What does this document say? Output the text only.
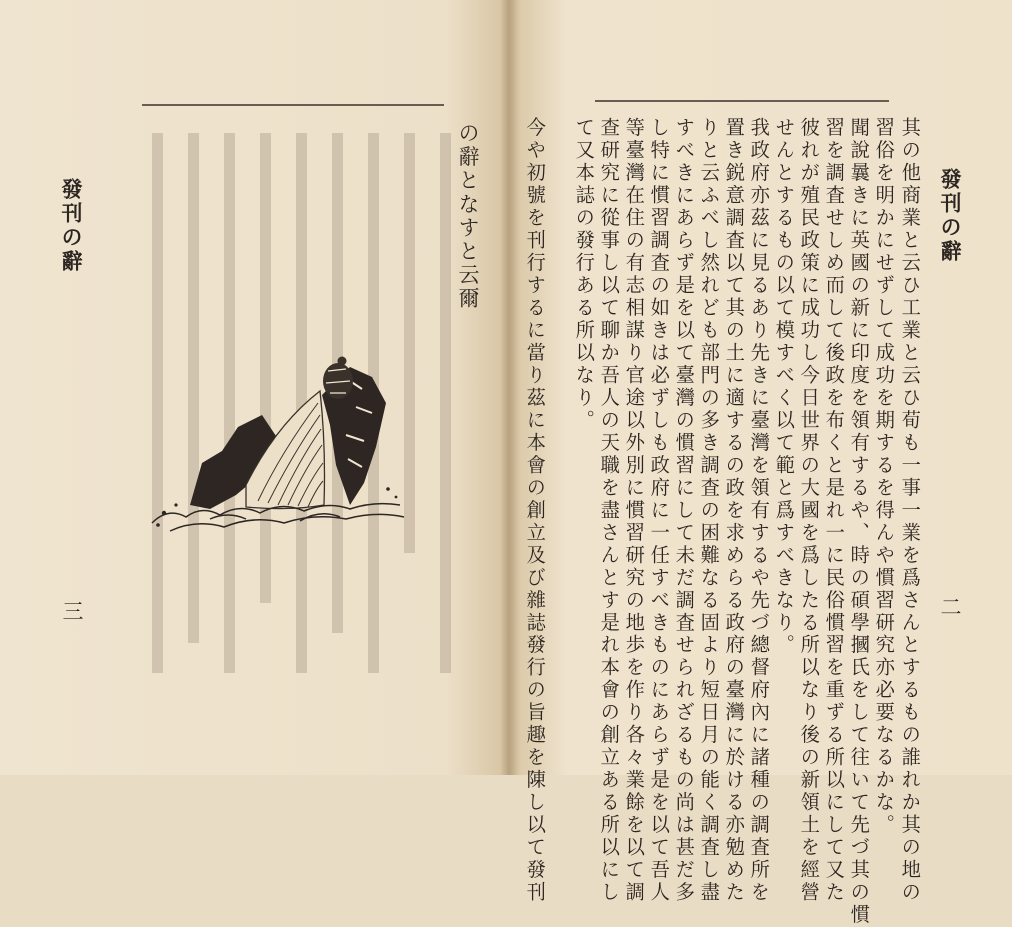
發刊の辭	の辭となすと云爾
三
發刊の辭
其の他商業と云ひ工業と云ひ荀も一事一業を爲さんとするもの誰れか其の地の
習俗を明かにせずして成功を期するを得んや慣習研究亦必要なるかな。
聞說曩きに英國の新に印度を領有するや、時の碩學摑氏をして往いて先づ其の慣
習を調査せしめ而して後政を布くと是れ一に民俗慣習を重ずる所以にして又た
彼れが殖民政策に成功し今日世界の大國を爲したる所以なり後の新領土を經營
せんとするもの以て模すべく以て範と爲すべきなり。
我政府亦茲に見るあり先きに臺灣を領有するや先づ總督府內に諸種の調査所を
置き鋭意調査以て其の土に適するの政を求めらる政府の臺灣に於ける亦勉めた
りと云ふべし然れども部門の多き調査の困難なる固より短日月の能く調査し盡
すべきにあらず是を以て臺灣の慣習にして未だ調査せられざるもの尚は甚だ多
し特に慣習調査の如きは必ずしも政府に一任すべきものにあらず是を以て吾人
等臺灣在住の有志相謀り官途以外別に慣習研究の地歩を作り各々業餘を以て調
查研究に從事し以て聊か吾人の天職を盡さんとす是れ本會の創立ある所以にし
て又本誌の發行ある所以なり。
今や初號を刊行するに當り茲に本會の創立及び雜誌發行の旨趣を陳し以て發刊	二
